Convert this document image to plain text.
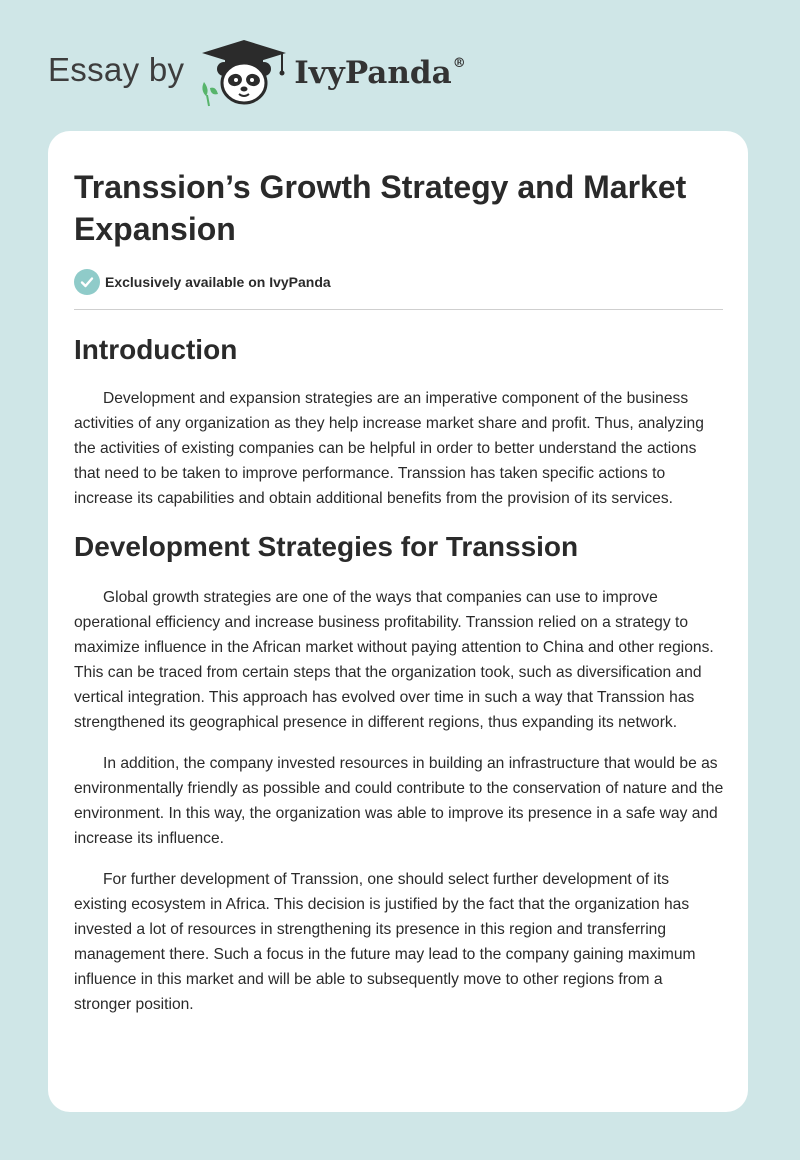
Essay by	IvyPanda®
Transsion’s Growth Strategy and Market Expansion
Exclusively available on IvyPanda
Introduction

Development and expansion strategies are an imperative component of the business activities of any organization as they help increase market share and profit. Thus, analyzing the activities of existing companies can be helpful in order to better understand the actions that need to be taken to improve performance. Transsion has taken specific actions to increase its capabilities and obtain additional benefits from the provision of its services.

Development Strategies for Transsion

Global growth strategies are one of the ways that companies can use to improve operational efficiency and increase business profitability. Transsion relied on a strategy to maximize influence in the African market without paying attention to China and other regions. This can be traced from certain steps that the organization took, such as diversification and vertical integration. This approach has evolved over time in such a way that Transsion has strengthened its geographical presence in different regions, thus expanding its network.

In addition, the company invested resources in building an infrastructure that would be as environmentally friendly as possible and could contribute to the conservation of nature and the environment. In this way, the organization was able to improve its presence in a safe way and increase its influence.

For further development of Transsion, one should select further development of its existing ecosystem in Africa. This decision is justified by the fact that the organization has invested a lot of resources in strengthening its presence in this region and transferring management there. Such a focus in the future may lead to the company gaining maximum influence in this market and will be able to subsequently move to other regions from a stronger position.
